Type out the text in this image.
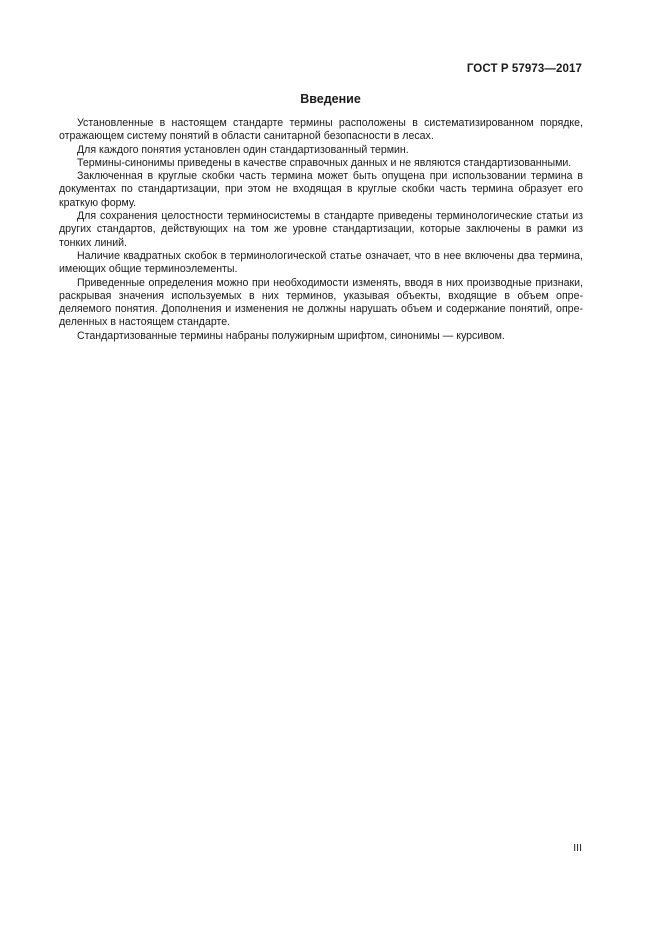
ГОСТ Р 57973—2017
Введение

Установленные в настоящем стандарте термины расположены в систематизированном порядке, отражающем систему понятий в области санитарной безопасности в лесах.

Для каждого понятия установлен один стандартизованный термин.

Термины-синонимы приведены в качестве справочных данных и не являются стандартизованными.

Заключенная в круглые скобки часть термина может быть опущена при использовании термина в документах по стандартизации, при этом не входящая в круглые скобки часть термина образует его краткую форму.

Для сохранения целостности терминосистемы в стандарте приведены терминологические статьи из других стандартов, действующих на том же уровне стандартизации, которые заключены в рамки из тонких линий.

Наличие квадратных скобок в терминологической статье означает, что в нее включены два термина, имеющих общие терминоэлементы.

Приведенные определения можно при необходимости изменять, вводя в них производные признаки, раскрывая значения используемых в них терминов, указывая объекты, входящие в объем определяемого понятия. Дополнения и изменения не должны нарушать объем и содержание понятий, определенных в настоящем стандарте.

Стандартизованные термины набраны полужирным шрифтом, синонимы — курсивом.

III
